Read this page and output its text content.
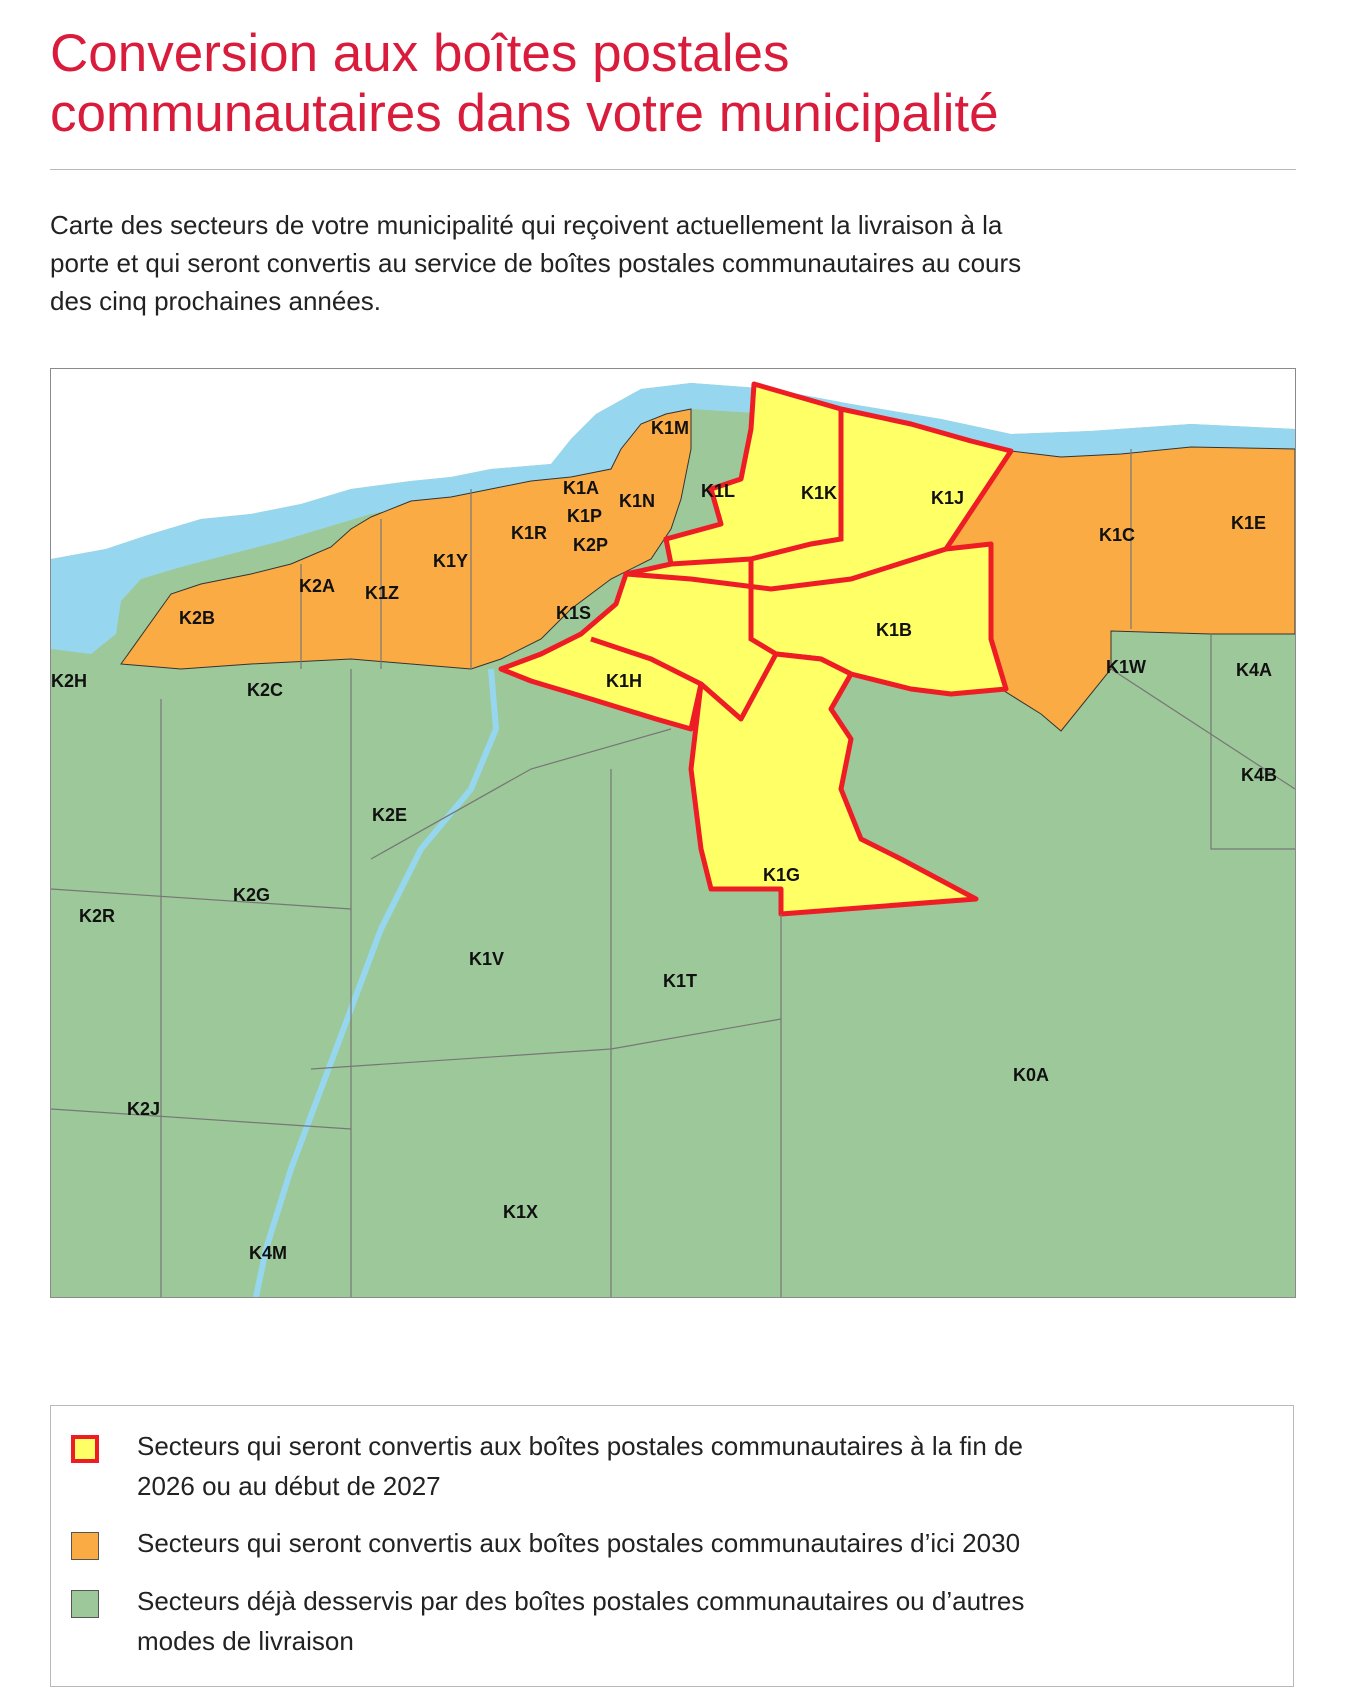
Conversion aux boîtes postales
communautaires dans votre municipalité

Carte des secteurs de votre municipalité qui reçoivent actuellement la livraison à la
porte et qui seront convertis au service de boîtes postales communautaires au cours
des cinq prochaines années.

K1M
K1K	K1J
K1A	K1L
K1N
K1P
K1C
K1E
K1R
K2P
K1Y
K2A K1Z
K2B	K1S
K1B
K1W	K4A
K1H
K2H	K2C
K4B
K2E
K1G
K2G
K2R
K1V
K1T
K0A
K2J
K1X
K4M
Secteurs qui seront convertis aux boîtes postales communautaires à la fin de
2026 ou au début de 2027
Secteurs qui seront convertis aux boîtes postales communautaires d’ici 2030
Secteurs déjà desservis par des boîtes postales communautaires ou d’autres
modes de livraison
